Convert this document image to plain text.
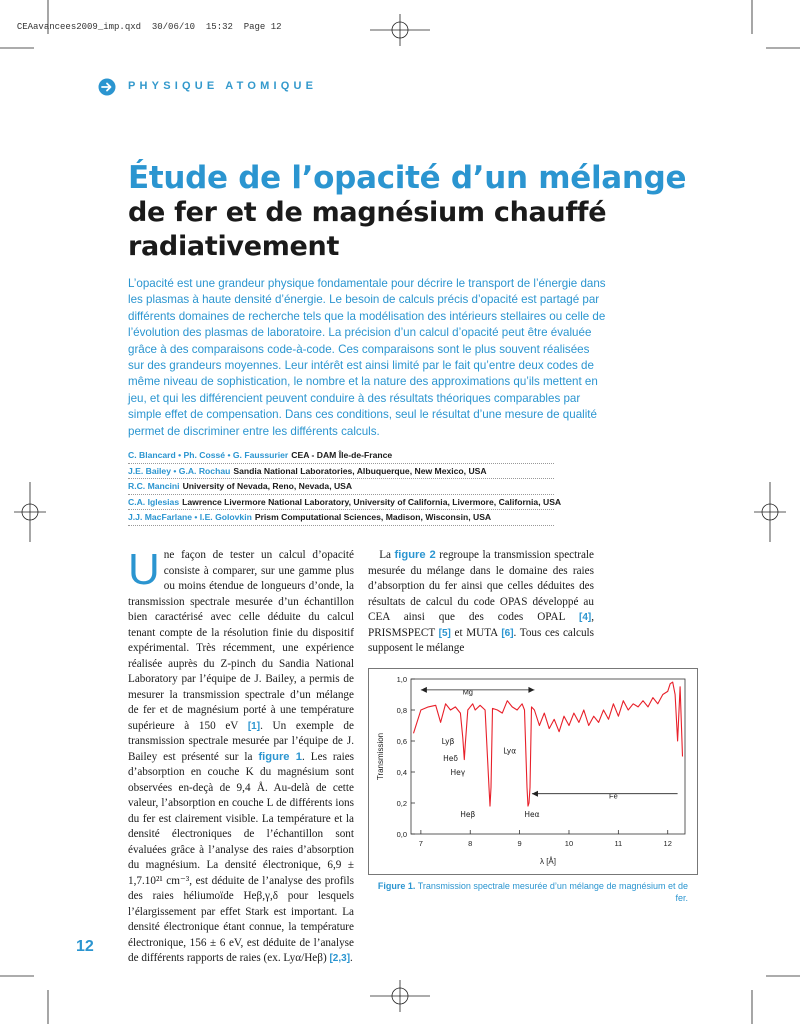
CEAavancees2009_imp.qxd 30/06/10 15:32 Page 12

PHYSIQUE ATOMIQUE
Étude de l’opacité d’un mélange
de fer et de magnésium chauffé radiativement
L’opacité est une grandeur physique fondamentale pour décrire le transport de l’énergie dans les plasmas à haute densité d’énergie. Le besoin de calculs précis d’opacité est partagé par différents domaines de recherche tels que la modélisation des intérieurs stellaires ou celle de l’évolution des plasmas de laboratoire. La précision d’un calcul d’opacité peut être évaluée grâce à des comparaisons code-à-code. Ces comparaisons sont le plus souvent réalisées sur des grandeurs moyennes. Leur intérêt est ainsi limité par le fait qu’entre deux codes de même niveau de sophistication, le nombre et la nature des approximations qu’ils mettent en jeu, et qui les différencient peuvent conduire à des résultats théoriques comparables par simple effet de compensation. Dans ces conditions, seul le résultat d’une mesure de qualité permet de discriminer entre les différents calculs.
C. Blancard • Ph. Cossé • G. Faussurier CEA - DAM Île-de-France
J.E. Bailey • G.A. Rochau Sandia National Laboratories, Albuquerque, New Mexico, USA
R.C. Mancini University of Nevada, Reno, Nevada, USA
C.A. Iglesias Lawrence Livermore National Laboratory, University of California, Livermore, California, USA
J.J. MacFarlane • I.E. Golovkin Prism Computational Sciences, Madison, Wisconsin, USA
Une façon de tester un calcul d’opacité consiste à comparer, sur une gamme plus ou moins étendue de longueurs d’onde, la transmission spectrale mesurée d’un échantillon bien caractérisé avec celle déduite du calcul tenant compte de la résolution finie du dispositif expérimental. Très récemment, une expérience réalisée auprès du Z-pinch du Sandia National Laboratory par l’équipe de J. Bailey, a permis de mesurer la transmission spectrale d’un mélange de fer et de magnésium porté à une température supérieure à 150 eV [1]. Un exemple de transmission spectrale mesurée par l’équipe de J. Bailey est présenté sur la figure 1. Les raies d’absorption en couche K du magnésium sont observées en-deçà de 9,4 Å. Au-delà de cette valeur, l’absorption en couche L de différents ions du fer est clairement visible. La température et la densité électroniques de l’échantillon sont évaluées grâce à l’analyse des raies d’absorption du magnésium. La densité électronique, 6,9 ± 1,7.10²¹ cm⁻³, est déduite de l’analyse des profils des raies héliumoïde Heβ,γ,δ pour lesquels l’élargissement par effet Stark est important. La densité électronique étant connue, la température électronique, 156 ± 6 eV, est déduite de l’analyse de différents rapports de raies (ex. Lyα/Heβ) [2,3].
 La figure 2 regroupe la transmission spectrale mesurée du mélange dans le domaine des raies d’absorption du fer ainsi que celles déduites des résultats de calcul du code OPAS développé au CEA ainsi que des codes OPAL [4], PRISMSPECT [5] et MUTA [6]. Tous ces calculs supposent le mélange
0,0
0,2
0,4
0,6
0,8
1,0
7	8	9	10	11	12
λ [Å]
Transmission
Mg
Fe
Lyβ
Heδ
Heγ
Heβ
Lyα
Heα
Figure 1. Transmission spectrale mesurée d’un mélange de magnésium et de fer.
12
